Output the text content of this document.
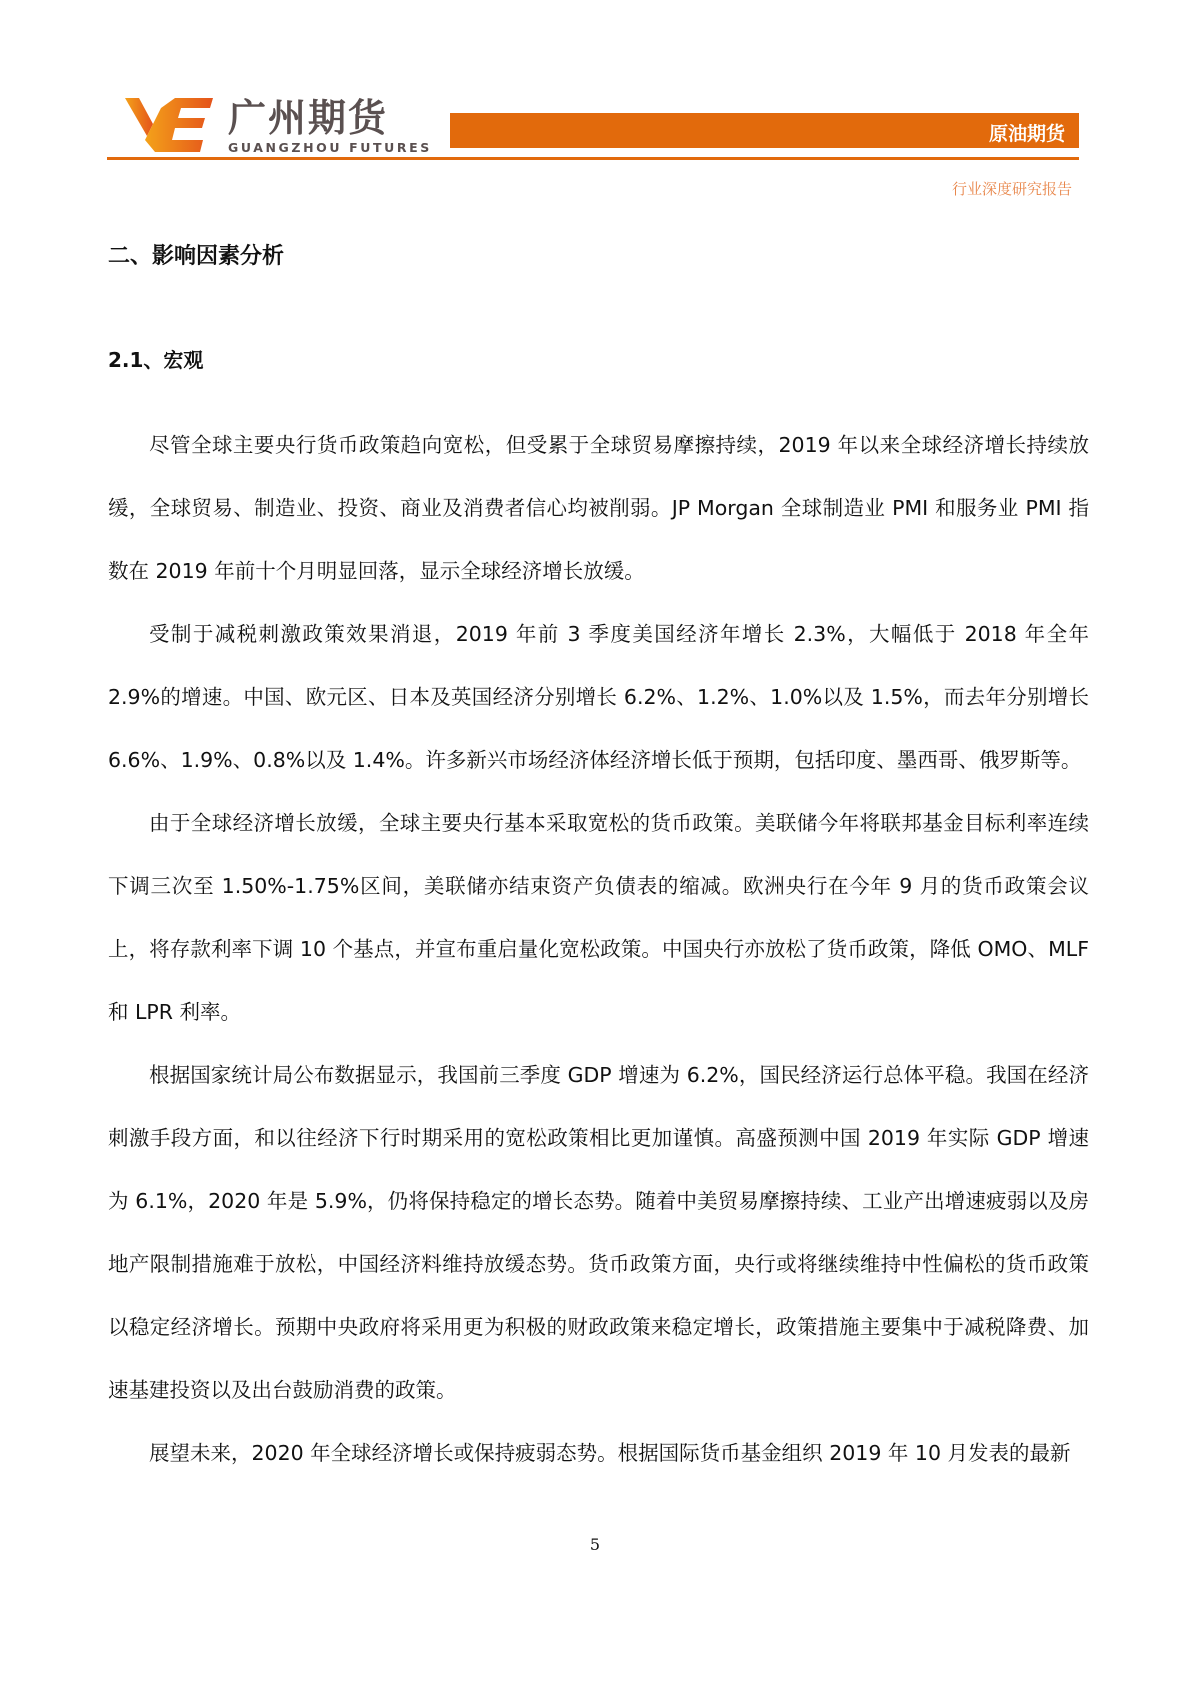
广州期货
GUANGZHOU FUTURES
原油期货
行业深度研究报告
二、影响因素分析
2.1、宏观

尽管全球主要央行货币政策趋向宽松，但受累于全球贸易摩擦持续，2019 年以来全球经济增长持续放缓，全球贸易、制造业、投资、商业及消费者信心均被削弱。JP Morgan 全球制造业 PMI 和服务业 PMI 指数在 2019 年前十个月明显回落，显示全球经济增长放缓。

受制于减税刺激政策效果消退，2019 年前 3 季度美国经济年增长 2.3%，大幅低于 2018 年全年 2.9%的增速。中国、欧元区、日本及英国经济分别增长 6.2%、1.2%、1.0%以及 1.5%，而去年分别增长 6.6%、1.9%、0.8%以及 1.4%。许多新兴市场经济体经济增长低于预期，包括印度、墨西哥、俄罗斯等。

由于全球经济增长放缓，全球主要央行基本采取宽松的货币政策。美联储今年将联邦基金目标利率连续下调三次至 1.50%-1.75%区间，美联储亦结束资产负债表的缩减。欧洲央行在今年 9 月的货币政策会议上，将存款利率下调 10 个基点，并宣布重启量化宽松政策。中国央行亦放松了货币政策，降低 OMO、MLF 和 LPR 利率。

根据国家统计局公布数据显示，我国前三季度 GDP 增速为 6.2%，国民经济运行总体平稳。我国在经济刺激手段方面，和以往经济下行时期采用的宽松政策相比更加谨慎。高盛预测中国 2019 年实际 GDP 增速为 6.1%，2020 年是 5.9%，仍将保持稳定的增长态势。随着中美贸易摩擦持续、工业产出增速疲弱以及房地产限制措施难于放松，中国经济料维持放缓态势。货币政策方面，央行或将继续维持中性偏松的货币政策以稳定经济增长。预期中央政府将采用更为积极的财政政策来稳定增长，政策措施主要集中于减税降费、加速基建投资以及出台鼓励消费的政策。

展望未来，2020 年全球经济增长或保持疲弱态势。根据国际货币基金组织 2019 年 10 月发表的最新

5
